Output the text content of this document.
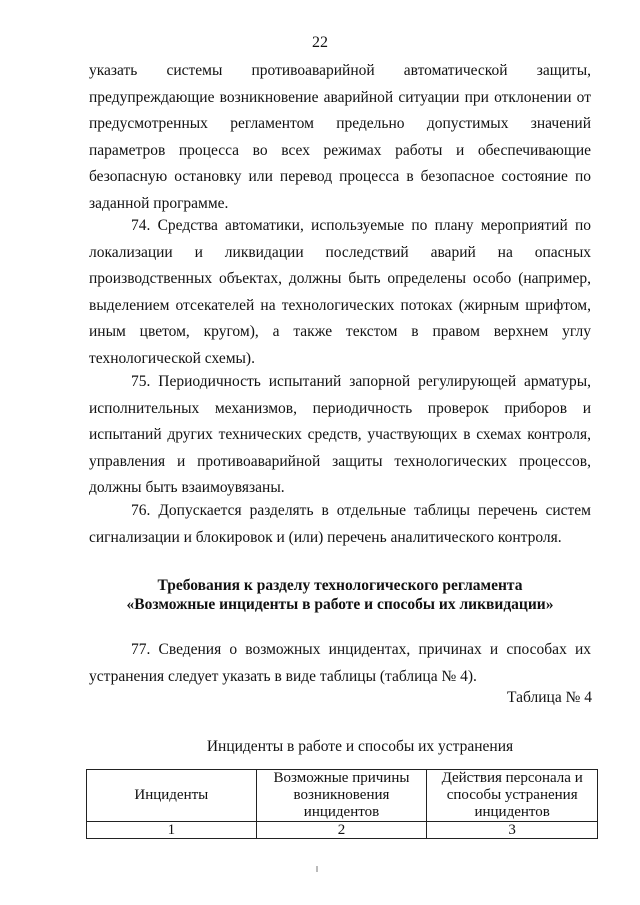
22

указать системы противоаварийной автоматической защиты, предупреждающие возникновение аварийной ситуации при отклонении от предусмотренных регламентом предельно допустимых значений параметров процесса во всех режимах работы и обеспечивающие безопасную остановку или перевод процесса в безопасное состояние по заданной программе.

74. Средства автоматики, используемые по плану мероприятий по локализации и ликвидации последствий аварий на опасных производственных объектах, должны быть определены особо (например, выделением отсекателей на технологических потоках (жирным шрифтом, иным цветом, кругом), а также текстом в правом верхнем углу технологической схемы).

75. Периодичность испытаний запорной регулирующей арматуры, исполнительных механизмов, периодичность проверок приборов и испытаний других технических средств, участвующих в схемах контроля, управления и противоаварийной защиты технологических процессов, должны быть взаимоувязаны.

76. Допускается разделять в отдельные таблицы перечень систем сигнализации и блокировок и (или) перечень аналитического контроля.

Требования к разделу технологического регламента
«Возможные инциденты в работе и способы их ликвидации»

77. Сведения о возможных инцидентах, причинах и способах их устранения следует указать в виде таблицы (таблица № 4).

Таблица № 4
Инциденты в работе и способы их устранения
Инциденты	Возможные причины возникновения инцидентов	Действия персонала и способы устранения инцидентов
1	2	3
